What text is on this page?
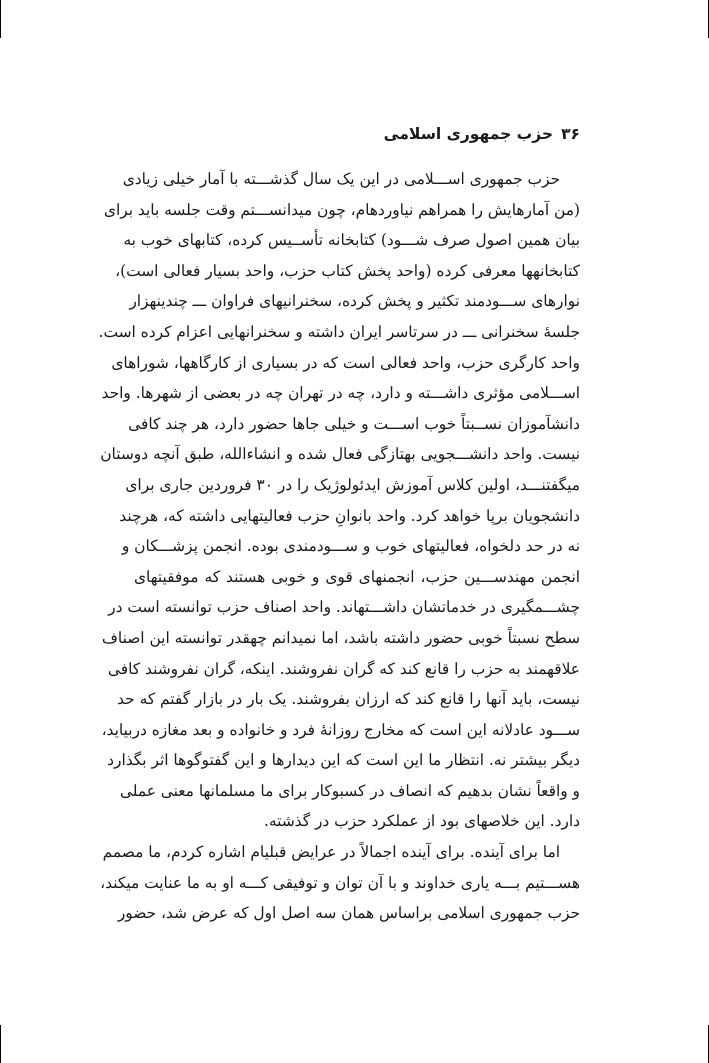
۳۶
حزب جمهوری اسلامی
حزب جمهوری اســـلامی در این یک سال گذشـــته با آمار خیلی زیادی
(من آمارهایش را همراهم نیاوردهام، چون میدانســـتم وقت جلسه باید برای
بیان همین اصول صرف شـــود) کتابخانه تأســیس کرده، کتابهای خوب به
کتابخانهها معرفی کرده (واحد پخش کتاب حزب، واحد بسیار فعالی است)،
نوارهای ســـودمند تکثیر و پخش کرده، سخنرانیهای فراوان ـــ چندینهزار
جلسهٔ سخنرانی ـــ در سرتاسر ایران داشته و سخنرانهایی اعزام کرده است.
واحد کارگری حزب، واحد فعالی است که در بسیاری از کارگاهها، شوراهای
اســـلامی مؤثری داشـــته و دارد، چه در تهران چه در بعضی از شهرها. واحد
دانشآموزان نســبتاً خوب اســـت و خیلی جاها حضور دارد، هر چند کافی
نیست. واحد دانشـــجویی بهتازگی فعال شده و انشاءالله، طبق آنچه دوستان
میگفتنـــد، اولین کلاس آموزش ایدئولوژیک را در ۳۰ فروردین جاری برای
دانشجویان برپا خواهد کرد. واحد بانوانِ حزب فعالیتهایی داشته که، هرچند
نه در حد دلخواه، فعالیتهای خوب و ســـودمندی بوده. انجمن پزشـــکان و
انجمن مهندســـین حزب، انجمنهای قوی و خوبی هستند که موفقیتهای
چشـــمگیری در خدماتشان داشـــتهاند. واحد اصناف حزب توانسته است در
سطح نسبتاً خوبی حضور داشته باشد، اما نمیدانم چهقدر توانسته این اصناف
علاقهمند به حزب را قانع کند که گران نفروشند. اینکه، گران نفروشند کافی
نیست، باید آنها را قانع کند که ارزان بفروشند. یک بار در بازار گفتم که حد
ســـود عادلانه این است که مخارج روزانهٔ فرد و خانواده و بعد مغازه دربیاید،
دیگر بیشتر نه. انتظار ما این است که این دیدارها و این گفتوگوها اثر بگذارد
و واقعاً نشان بدهیم که انصاف در کسبوکار برای ما مسلمانها معنی عملی
دارد. این خلاصهای بود از عملکرد حزب در گذشته.
اما برای آینده. برای آینده اجمالاً در عرایض قبلیام اشاره کردم، ما مصمم
هســـتیم بـــه یاری خداوند و با آن توان و توفیقی کـــه او به ما عنایت میکند،
حزب جمهوری اسلامی براساس همان سه اصل اول که عرض شد، حضور
